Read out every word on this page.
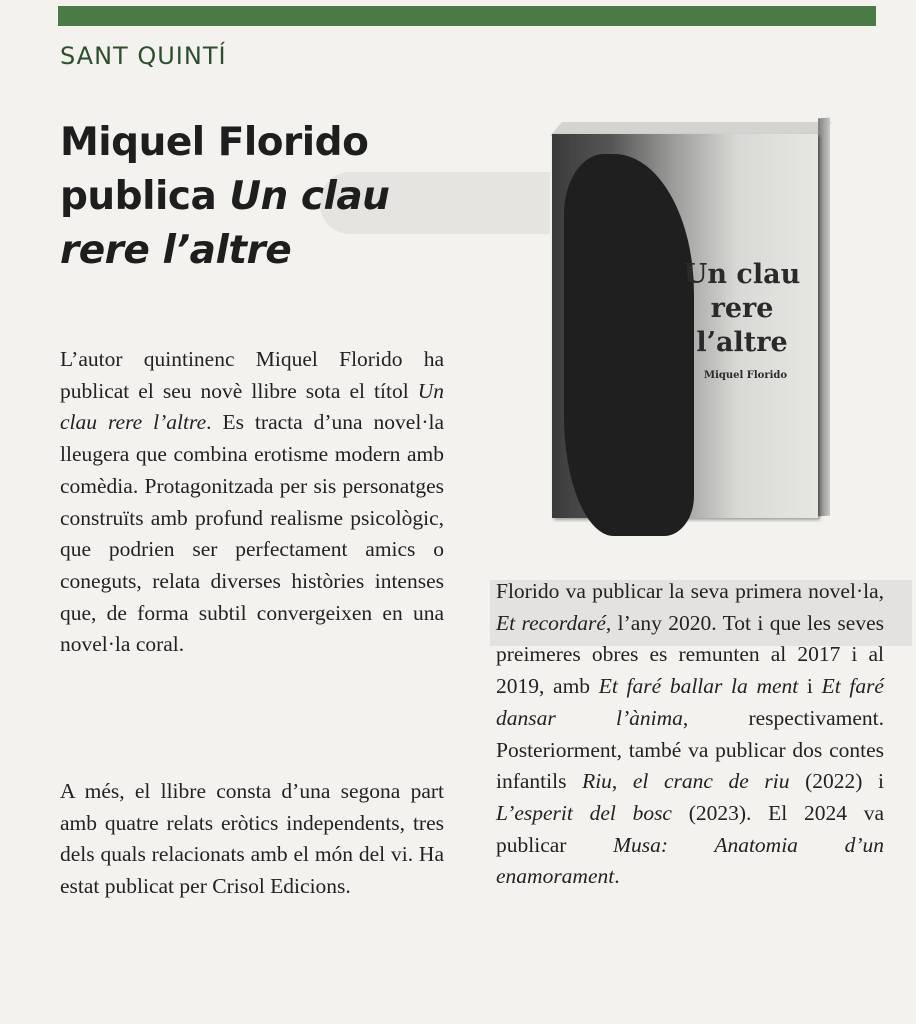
SANT QUINTÍ
Miquel Florido
publica Un clau
rere l’altre
Un clau rere l’altre
Miquel Florido

L’autor quintinenc Miquel Florido ha publicat el seu novè llibre sota el títol Un clau rere l’altre. Es tracta d’una novel·la lleugera que combina erotisme modern amb comèdia. Protagonitzada per sis personatges construïts amb profund realisme psicològic, que podrien ser perfectament amics o coneguts, relata diverses històries intenses que, de forma subtil convergeixen en una novel·la coral.

A més, el llibre consta d’una segona part amb quatre relats eròtics independents, tres dels quals relacionats amb el món del vi. Ha estat publicat per Crisol Edicions.

Florido va publicar la seva primera novel·la, Et recordaré, l’any 2020. Tot i que les seves preimeres obres es remunten al 2017 i al 2019, amb Et faré ballar la ment i Et faré dansar l’ànima, respectivament. Posteriorment, també va publicar dos contes infantils Riu, el cranc de riu (2022) i L’esperit del bosc (2023). El 2024 va publicar Musa: Anatomia d’un enamorament.
